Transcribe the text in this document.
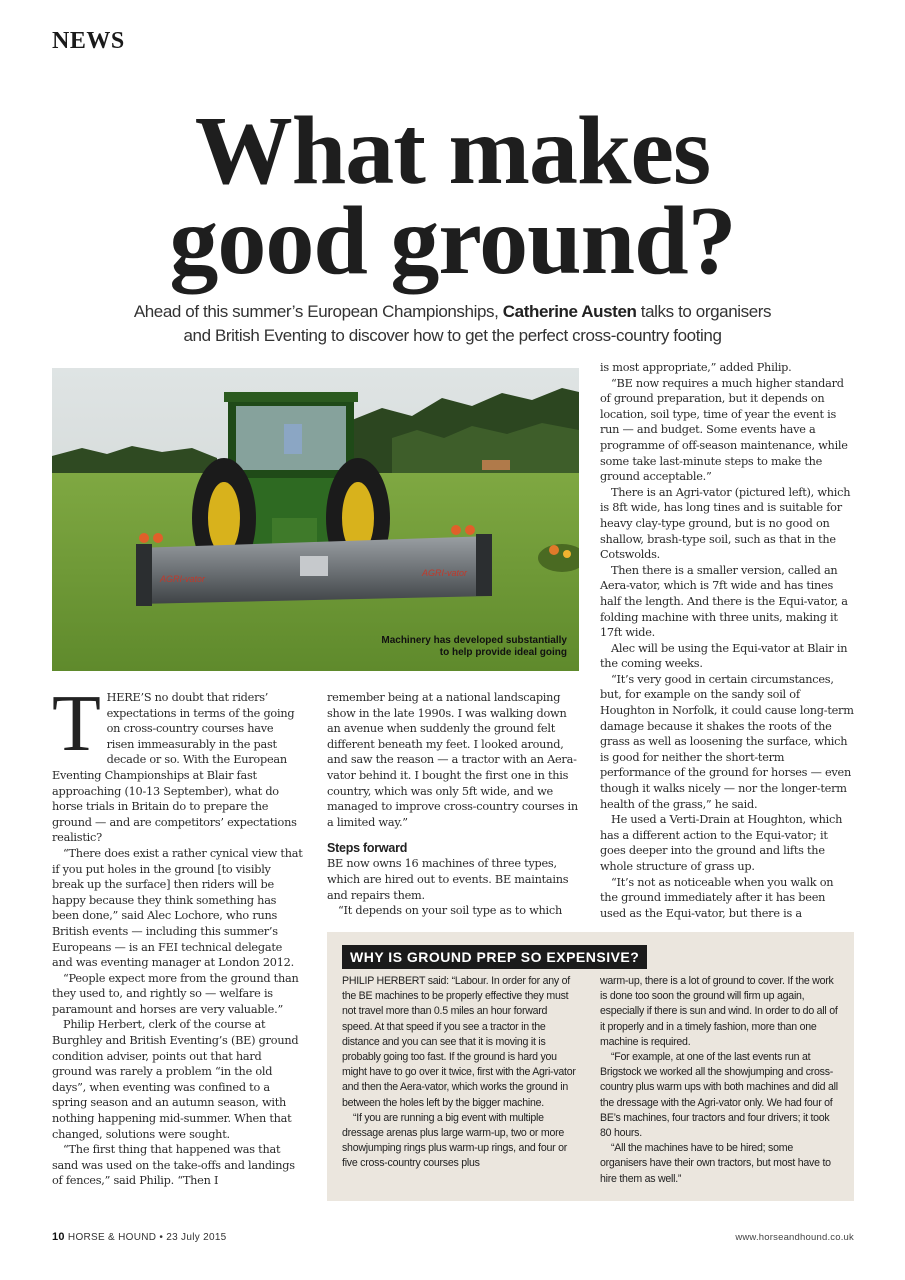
NEWS
What makes
good ground?
Ahead of this summer’s European Championships, Catherine Austen talks to organisers
and British Eventing to discover how to get the perfect cross-country footing
AGRI-vator
AGRI-vator
Machinery has developed substantially
to help provide ideal going

THERE’S no doubt that riders’ expectations in terms of the going on cross-country courses have risen immeasurably in the past decade or so. With the European Eventing Championships at Blair fast approaching (10-13 September), what do horse trials in Britain do to prepare the ground — and are competitors’ expectations realistic?

“There does exist a rather cynical view that if you put holes in the ground [to visibly break up the surface] then riders will be happy because they think something has been done,” said Alec Lochore, who runs British events — including this summer’s Europeans — is an FEI technical delegate and was eventing manager at London 2012.

“People expect more from the ground than they used to, and rightly so — welfare is paramount and horses are very valuable.”

Philip Herbert, clerk of the course at Burghley and British Eventing’s (BE) ground condition adviser, points out that hard ground was rarely a problem “in the old days”, when eventing was confined to a spring season and an autumn season, with nothing happening mid-summer. When that changed, solutions were sought.

“The first thing that happened was that sand was used on the take-offs and landings of fences,” said Philip. “Then I

remember being at a national landscaping show in the late 1990s. I was walking down an avenue when suddenly the ground felt different beneath my feet. I looked around, and saw the reason — a tractor with an Aera-vator behind it. I bought the first one in this country, which was only 5ft wide, and we managed to improve cross-country courses in a limited way.”

Steps forward

BE now owns 16 machines of three types, which are hired out to events. BE maintains and repairs them.

“It depends on your soil type as to which

is most appropriate,” added Philip.

“BE now requires a much higher standard of ground preparation, but it depends on location, soil type, time of year the event is run — and budget. Some events have a programme of off-season maintenance, while some take last-minute steps to make the ground acceptable.”

There is an Agri-vator (pictured left), which is 8ft wide, has long tines and is suitable for heavy clay-type ground, but is no good on shallow, brash-type soil, such as that in the Cotswolds.

Then there is a smaller version, called an Aera-vator, which is 7ft wide and has tines half the length. And there is the Equi-vator, a folding machine with three units, making it 17ft wide.

Alec will be using the Equi-vator at Blair in the coming weeks.

“It’s very good in certain circumstances, but, for example on the sandy soil of Houghton in Norfolk, it could cause long-term damage because it shakes the roots of the grass as well as loosening the surface, which is good for neither the short-term performance of the ground for horses — even though it walks nicely — nor the longer-term health of the grass,” he said.

He used a Verti-Drain at Houghton, which has a different action to the Equi-vator; it goes deeper into the ground and lifts the whole structure of grass up.

“It’s not as noticeable when you walk on the ground immediately after it has been used as the Equi-vator, but there is a

WHY IS GROUND PREP SO EXPENSIVE?

PHILIP HERBERT said: “Labour. In order for any of the BE machines to be properly effective they must not travel more than 0.5 miles an hour forward speed. At that speed if you see a tractor in the distance and you can see that it is moving it is probably going too fast. If the ground is hard you might have to go over it twice, first with the Agri-vator and then the Aera-vator, which works the ground in between the holes left by the bigger machine.

“If you are running a big event with multiple dressage arenas plus large warm-up, two or more showjumping rings plus warm-up rings, and four or five cross-country courses plus

warm-up, there is a lot of ground to cover. If the work is done too soon the ground will firm up again, especially if there is sun and wind. In order to do all of it properly and in a timely fashion, more than one machine is required.

“For example, at one of the last events run at Brigstock we worked all the showjumping and cross-country plus warm ups with both machines and did all the dressage with the Agri-vator only. We had four of BE’s machines, four tractors and four drivers; it took 80 hours.

“All the machines have to be hired; some organisers have their own tractors, but most have to hire them as well.”

10 HORSE & HOUND • 23 July 2015	www.horseandhound.co.uk
